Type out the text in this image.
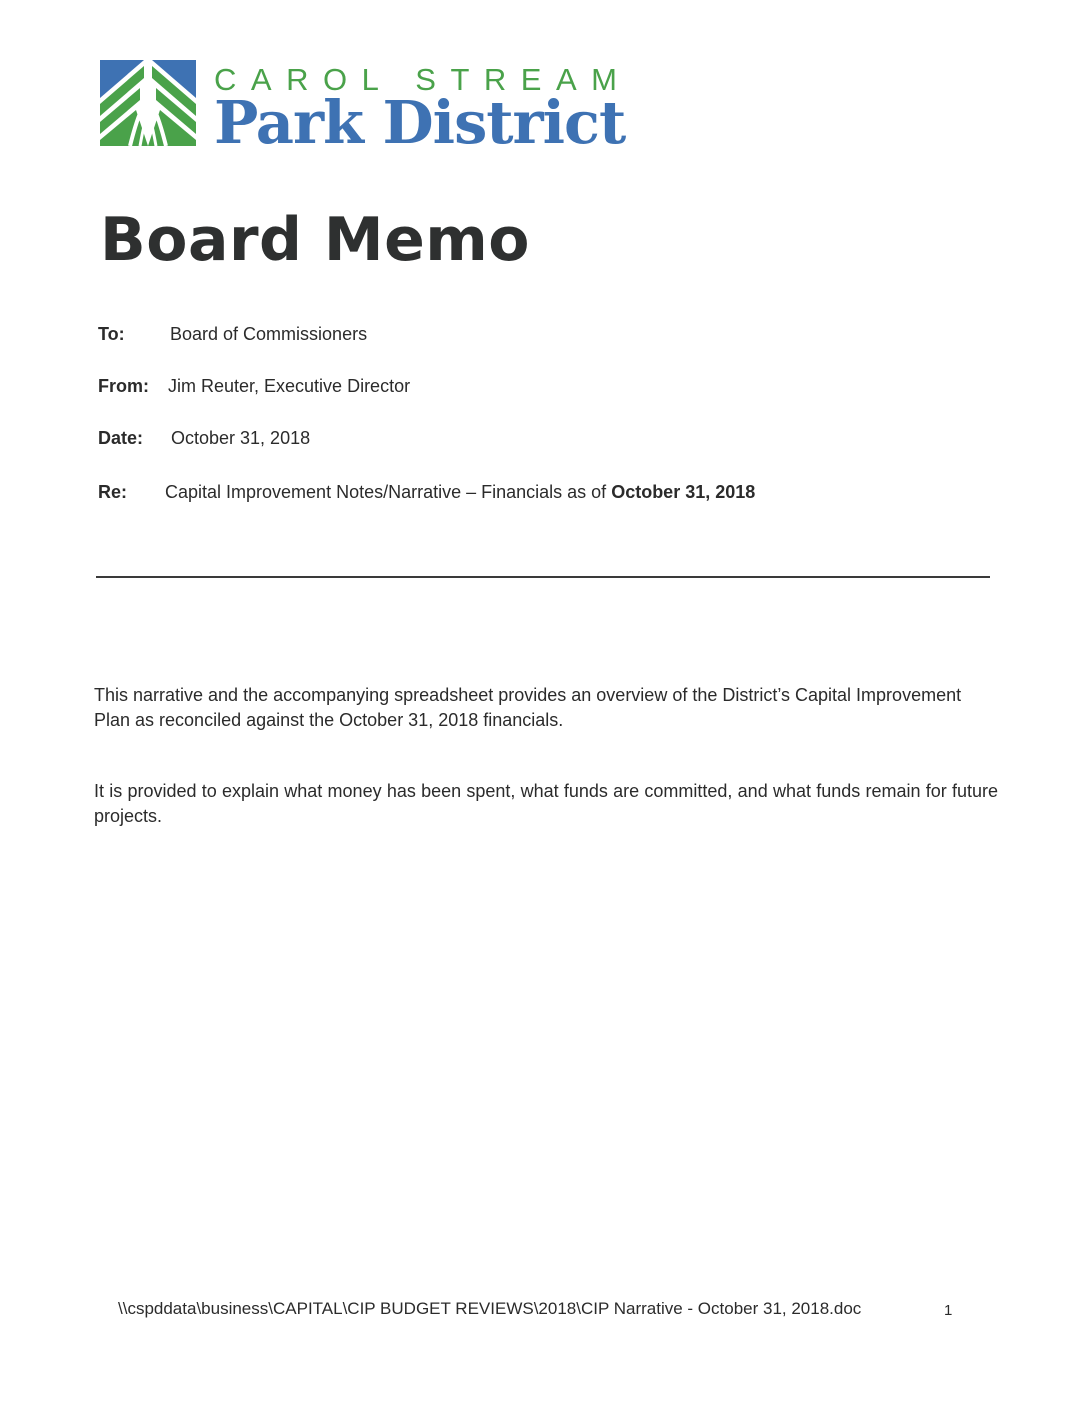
CAROL STREAM
Park District
Board Memo
To:	Board of Commissioners
From: Jim Reuter, Executive Director
Date: October 31, 2018
Re: Capital Improvement Notes/Narrative – Financials as of October 31, 2018

This narrative and the accompanying spreadsheet provides an overview of the District’s Capital Improvement Plan as reconciled against the October 31, 2018 financials.

It is provided to explain what money has been spent, what funds are committed, and what funds remain for future projects.

\\cspddata\business\CAPITAL\CIP BUDGET REVIEWS\2018\CIP Narrative - October 31, 2018.doc	1
